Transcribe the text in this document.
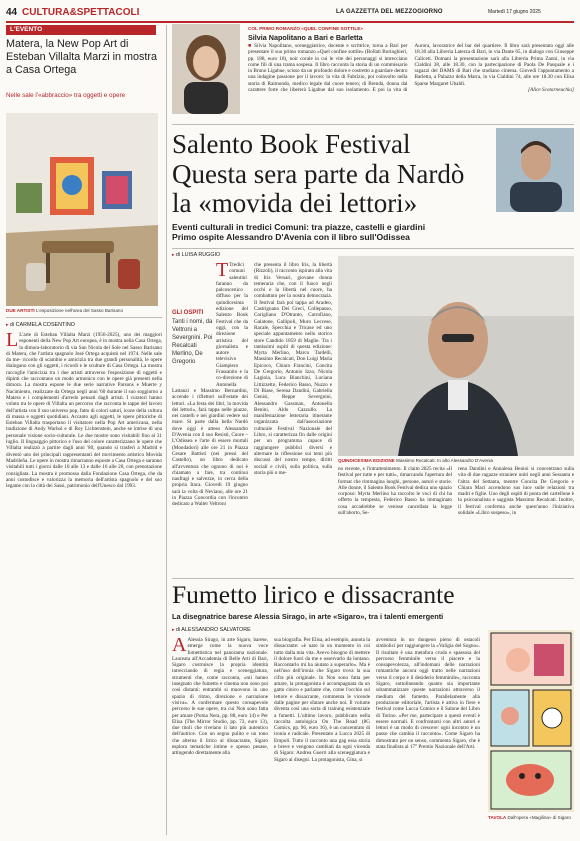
44 CULTURA&SPETTACOLI	LA GAZZETTA DEL MEZZOGIORNO	Martedì 17 giugno 2025
L'EVENTO
Matera, la New Pop Art di Esteban Villalta Marzi in mostra a Casa Ortega
Nelle sale l'«abbraccio» tra oggetti e opere
DUE ARTISTI L'esposizione nell'area del Sasso Barisano
▸ di CARMELA COSENTINO
L L'arte di Esteban Villalta Marzi (1956-2025), uno dei maggiori esponenti della New Pop Art europea, è in mostra nella Casa Ortega, la dimora-laboratorio di via San Nicola del Sole nel Sasso Barisano di Matera, che l'artista spagnolo José Ortega acquistò nel 1974. Nelle sale da me- ricordo di scambio e amicizia tra due grandi personalità, le opere dialogano con gli oggetti, i ricordi e le sculture di Casa Ortega. La mostra raccoglie l'amicizia tra i due artisti attraverso l'esposizione di oggetti e dipinti che raccontano un modo armonico con le opere già presenti nella dimora. La mostra espone le due serie narrative Parsons e Muerte y Nacimiento, realizzate da Ortega negli anni '60 durante il suo soggiorno a Matera e i complementi d'arredo pensati dagli artisti. I curatori hanno voluto tra le opere di Villalta un percorso che racconta le tappe del lavoro dell'artista con il suo universo pop, fatto di colori saturi, icone della cultura di massa e oggetti quotidiani. Accanto agli oggetti, le opere pittoriche di Esteban Villalta trasportano il visitatore nella Pop Art americana, nella tradizione di Andy Warhol e di Roy Lichtenstein, anche se intrise di una personale visione socio-culturale. Le due mostre sono visitabili fino al 31 luglio. Il linguaggio pittorico e l'uso del colore caratterizzano le opere che Villalta realizzò a partire dagli anni '80, quando si trasferì a Madrid e diventò uno dei principali rappresentanti del movimento artistico Movida Madrileña. Le opere in mostra rimarranno esposte a Casa Ortega e saranno visitabili tutti i giorni dalle 10 alle 13 e dalle 16 alle 20, con prenotazione consigliata. La mostra è promossa dalla Fondazione Casa Ortega, che da anni custodisce e valorizza la memoria dell'artista spagnolo e del suo legame con la città dei Sassi, patrimonio dell'Unesco dal 1993.
COL PRIMO ROMANZO «QUEL CONFINE SOTTILE»
Silvia Napolitano a Bari e Barletta
■ Silvia Napolitano, sceneggiatrice, docente e scrittrice, torna a Bari per presentare il suo primo romanzo «Quel confine sottile» (Bollati Boringhieri, pp. 188, euro 18), noir corale in cui le vite dei personaggi si intrecciano come fili di una trama sospesa. Il libro racconta la storia di un commissario in Bruno Ligabue, scisso da un profondo dolore e costretto a guardare dentro una indagine passione per il lavoro: la vita di Fabrizio, poi coinvolto nella storia di Raimondo, medico legale dal cuore tenero; di Brenda, donna dal carattere forte che libererà Ligabue dal suo isolamento. E poi la vita di Aurora, lavoratrice del bar del quartiere. Il libro sarà presentato oggi alle 18.30 alla Libreria Laterza di Bari, in via Dante 65, in dialogo con Giuseppe Caliceti. Domani la presentazione sarà alla Libreria Prima Zanni, in via Cialdini 38, alle 18.30, con la partecipazione di Paola De Pasquale e i ragazzi del DAMS di Bari che studiano cinema. Giovedì l'appuntamento a Barletta, a Palazzo della Marra, in via Cialdini 74, alle ore 18.30 con Elisa Sparse Margaret Ubaldi.
[Alice Scotarneuchia]
Salento Book Festival
Questa sera parte da Nardò
la «movida dei lettori»
Eventi culturali in tredici Comuni: tra piazze, castelli e giardini
Primo ospite Alessandro D'Avenia con il libro sull'Odissea
▸ di LUISA RUGGIO
GLI OSPITI
Tanti i nomi, da Veltroni a Severgnini. Poi Recalcati Merlino, De Gregorio
T Tredici comuni salentini faranno da palcoscenico diffuso per la quindicesima edizione del Salento Book Festival che da oggi, con la direzione artistica del giornalista e autore televisivo Giampiero Frassanito e la co-direzione di Antonella Lattanzi e Massimo Bernardini, accende i riflettori sull'estate dei lettori. «La festa dei libri, la movida dei lettori», farà tappa nelle piazze, nei castelli e nei giardini vedere sul mare. Si parte dalla bella Nardò dove oggi è atteso Alessandro D'Avenia con il suo Resisti, Cuore – L'Odissea e l'arte di essere mortali (Mondadori) alle ore 21 in Piazza Cesare Battisti (nei pressi del Castello), un libro dedicato all'avventura che ognuno di noi è chiamato a fare, tra continui naufragi e salvezze, in cerca della propria Itaca. Giovedì 19 giugno sarà la volta di Neviano, alle ore 21 in Piazza Concordia con l'incontro dedicato a Walter Veltroni
che presenta il libro Iris, la libertà (Rizzoli), il racconto ispirato alla vita di Iris Versari, giovane donna temeraria che, con il fuoco negli occhi e la libertà nel cuore, ha combattuto per la nostra democrazia. Il festival farà poi tappa ad Aradeo, Castrignano Dei Greci, Collepasso, Corigliano D'Otranto, Cutrofiano, Galatone, Gallipoli, Muro Leccese, Racale, Specchia e Tricase ed uno speciale appuntamento nello storico store Candido 1859 di Maglie. Tra i tantissimi ospiti di questa edizione: Myrta Merlino, Marco Tardelli, Massimo Recalcati, Don Luigi Maria Epicoco, Chiara Francini, Concita De Gregorio, Antonio Izzo, Nicola Lagioia, Luca Bianchini, Luciana Littizzetto, Federico Basso, Nuzzo e Di Biase, Serena Dandini, Gabriella Genisi, Beppe Severgnini, Alessandro Gassman, Antonella Benini, Aldo Cazzullo. La manifestazione letteraria itinerante organizzata dall'associazione culturale Festival Nazionale del Libro, si caratterizza fin dalle origini per un programma capace di raggiungere pubblici diversi e alternare la riflessione sui temi più discussi del nostro tempo, diritti sociali e civili, sulla politica, sulla storia più o me-
QUINDICESIMA EDIZIONE Massimo Recalcati. In alto Alessandro D'Avenia
no recente, e l'intrattenimento. Il claim 2025 recita «Il festival per tutte e per tutti», rimarcando l'apertura del format che rimmagina luoghi, persone, autori e storie. Alle donne, il Salento Book Festival dedica uno spazio corposo: Myrta Merlino ha raccolto le voci di chi ha offerto la tempesta, Federico Basso ha immaginato cosa accadrebbe se venisse cancellata la legge sull'aborto, Se-
rena Dandini e Annalena Benini si concentrano sulla vita di due ragazze straniere uniti negli anni Sessanta e l'altra del Settanta, mentre Concita De Gregorio e Chiara Macì accendono sus luce sulle relazioni tra madri e figlie. Uno degli ospiti di punta del cartellone è lo psicoanalista e saggista Massimo Recalcati. Inoltre, il festival conferma anche quest'anno l'iniziativa solidale «Libro sospeso», in
Fumetto lirico e dissacrante
La disegnatrice barese Alessia Sirago, in arte «Sigaro», tra i talenti emergenti
▸ di ALESSANDRO SALVATORE
A Alessia Sirago, in arte Sigaro, barese, emerge come la nuova voce fumettistica nel panorama nazionale. Laureata all'Accademia di Belle Arti di Bari, Sigaro costruisce la propria identità intrecciando di regia e sceneggiatura, strumenti che, come racconta, «mi hanno insegnato che fumetto e cinema non sono poi così distanti: entrambi si muovono in uno spazio di ritmo, direzione e narrazione visiva». A confermare questo consapevole percorso le sue opere, tra cui Non sono fatta per amare (Poma Nera, pp. 88, euro 14) e Per Elisa (The Mirror Studio, pp. 72, euro 13), due titoli che rivelano il lato più autentico dell'autrice. Con un segno pulito e un tono che alterna il lirico al dissacrante, Sigaro esplora tematiche intime e spesso pesase, attingendo direttamente alla
sua biografia. Per Elisa, ad esempio, annota la dissacrante: «è nato in un momento in cui tutto dalla mia vita. Avevo bisogno di mettere il dolore fuori da me e osservarlo da lontano. Raccontarlo mi ha aiutato a superarlo». Ma è nell'uso dell'ironia che Sigaro trova la sua cifra più originale. In Non sono fatta per amare, la protagonista è accompagnata da un gatto cinico e parlante che, come l'occhio sul lettore e dissacrante, commenta le vicende dalle pagine per sfatare anche noi. Il volume diventa così una sorta di training esistenziale a fumetti. L'ultimo lavoro, pubblicato nella raccolta antologica On The Road (8G Comics, pp. 96, euro 16), è un concentrato di ironia e radicale. Presentato a Lucca 2025 di Empoli. Tutto il racconto una gag essa storia e breve e vengono cambiati da ogni vicenda di Sigaro: Andrea Guerri alla sceneggiatura e Sigaro ai disegni. La protagonista, Gina, si
avventura in un dungeon pieno di ostacoli simbolici per raggiungere la «Valigia del Sogno». Il risultato è una metafora cruda e spassosa del percorso femminile verso il piacere e la consapevolezza, all'indomani delle narrazioni romantiche ancora oggi tratto nelle narrazioni verso il corpo e il desiderio femminile», racconta Sigaro, sottolineando quanto sia importante sdrammatizzare queste narrazioni attraverso il medium del fumetto. Parallelamente alla produzione editoriale, l'artista è attiva in fiere e festival come Lucca Comics e il Salone del Libro di Torino. «Per me, partecipare a questi eventi è essere normali. E confrontarsi con altri autori e lettori è un modo di crescere: ogni incontro è un passo che cambia il racconto». Come Sigaro ha dimostrato per un senso, commenta Sigaro, che è stata finalista al 17° Premio Nazionale dell'Arti.
TAVOLA Dall'opera «Magilina» di Sigaro
